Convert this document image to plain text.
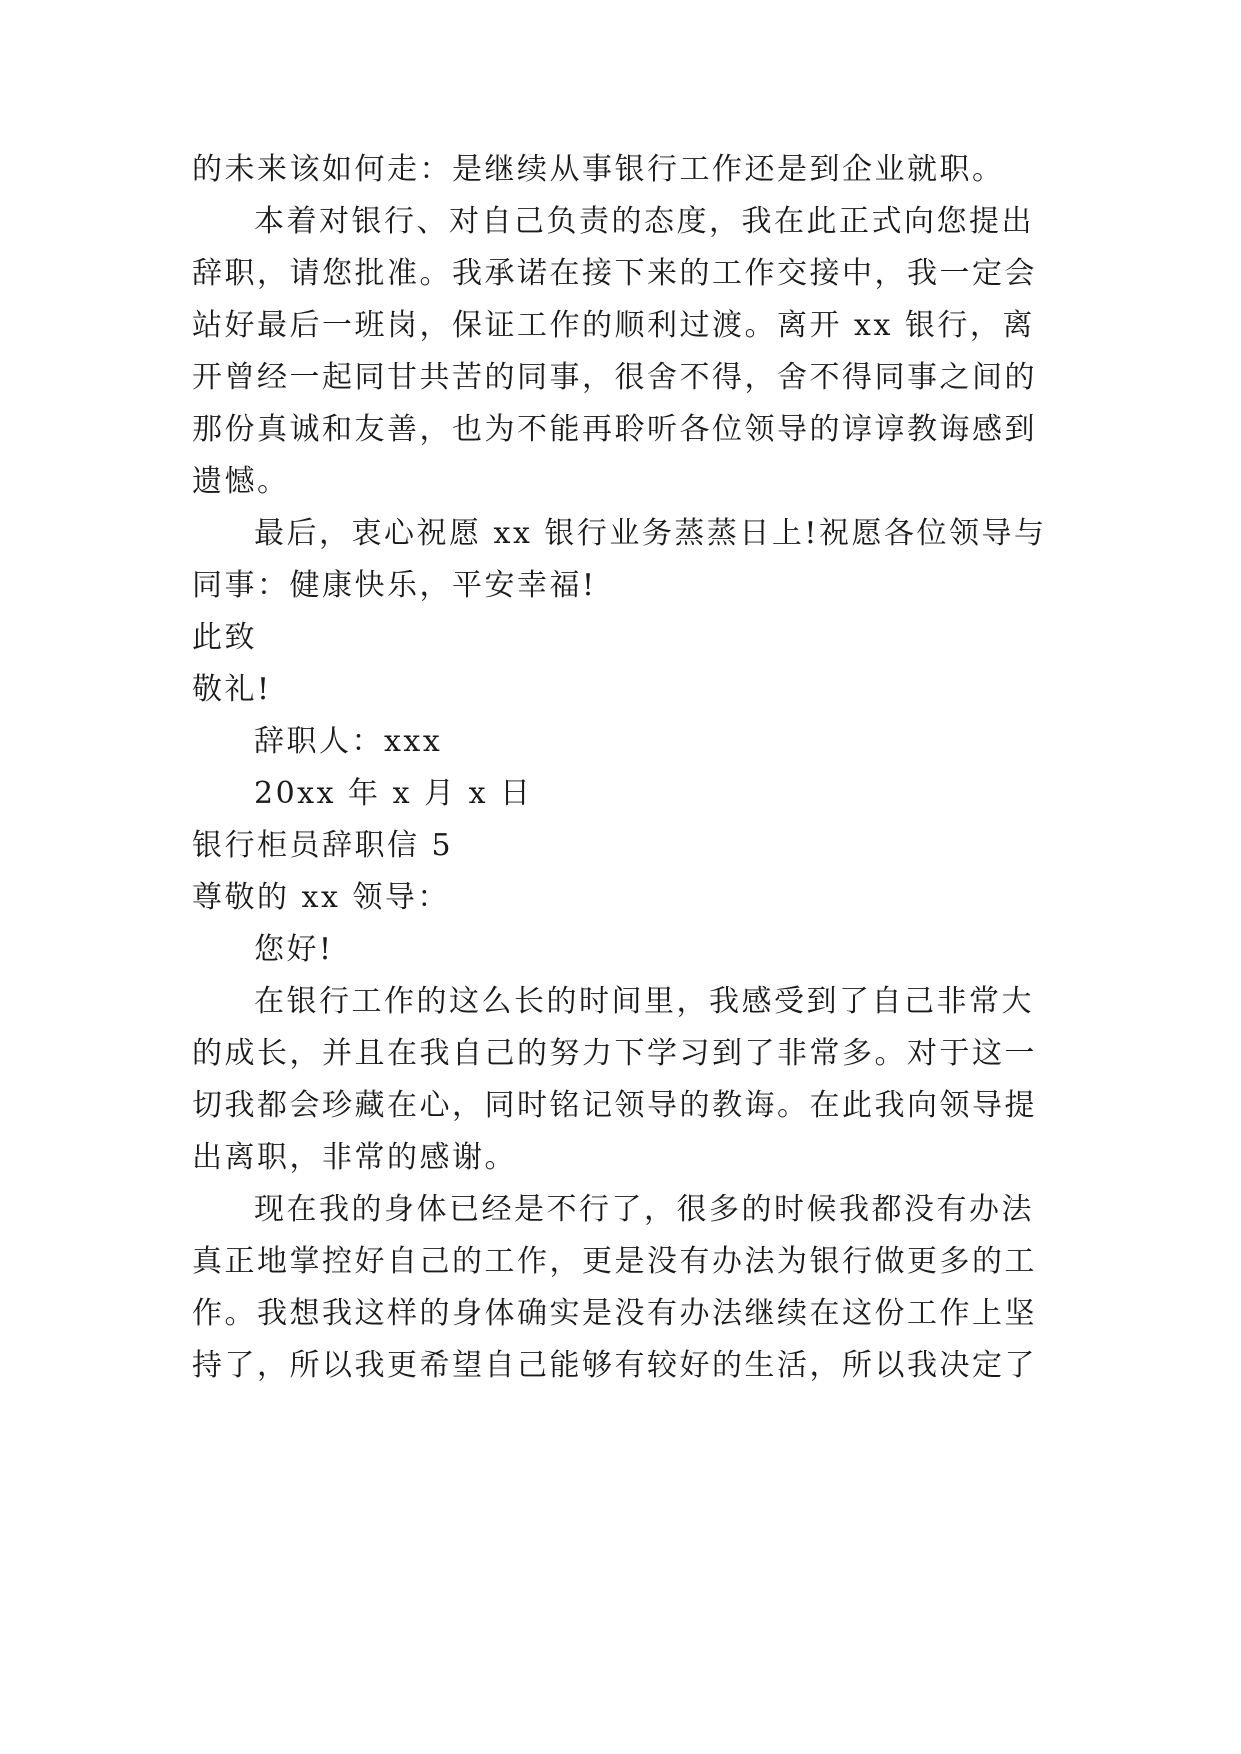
的未来该如何走：是继续从事银行工作还是到企业就职。
本着对银行、对自己负责的态度，我在此正式向您提出
辞职，请您批准。我承诺在接下来的工作交接中，我一定会
站好最后一班岗，保证工作的顺利过渡。离开 xx 银行，离
开曾经一起同甘共苦的同事，很舍不得，舍不得同事之间的
那份真诚和友善，也为不能再聆听各位领导的谆谆教诲感到
遗憾。
最后，衷心祝愿 xx 银行业务蒸蒸日上!祝愿各位领导与
同事：健康快乐，平安幸福!
此致
敬礼!
辞职人：xxx
20xx 年 x 月 x 日
银行柜员辞职信 5
尊敬的 xx 领导：
您好!
在银行工作的这么长的时间里，我感受到了自己非常大
的成长，并且在我自己的努力下学习到了非常多。对于这一
切我都会珍藏在心，同时铭记领导的教诲。在此我向领导提
出离职，非常的感谢。
现在我的身体已经是不行了，很多的时候我都没有办法
真正地掌控好自己的工作，更是没有办法为银行做更多的工
作。我想我这样的身体确实是没有办法继续在这份工作上坚
持了，所以我更希望自己能够有较好的生活，所以我决定了
